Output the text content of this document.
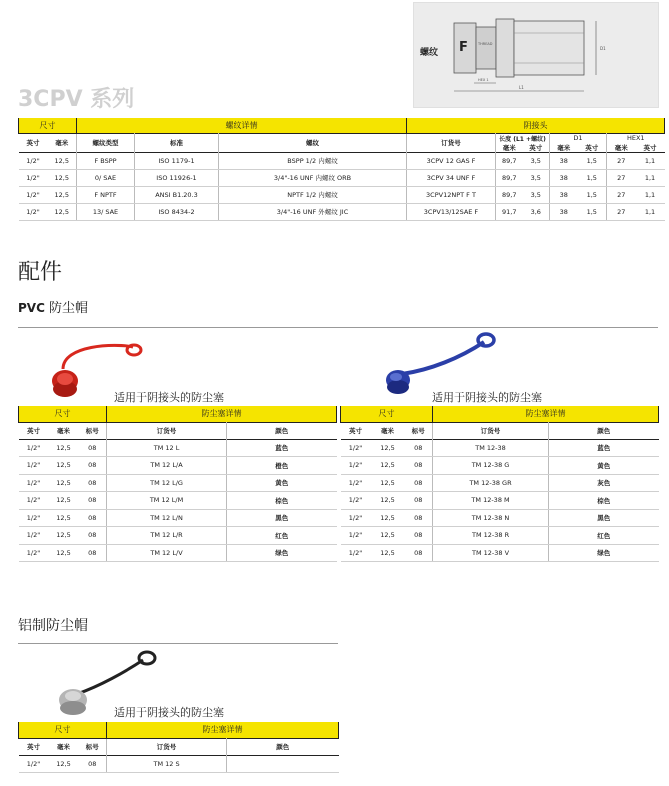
F	THREAD
D1
L1
HEX 1
螺纹
3CPV 系列
尺寸		螺纹详情			阴接头						
英寸	毫米	螺纹类型	标准	螺纹	订货号	长度 (L1 +螺纹)		D1		HEX1	
						毫米	英寸	毫米	英寸	毫米	英寸
1/2"	12,5	F BSPP	ISO 1179-1	BSPP 1/2 内螺纹	3CPV 12 GAS F	89,7	3,5	38	1,5	27	1,1
1/2"	12,5	0/ SAE	ISO 11926-1	3/4"-16 UNF 内螺纹 ORB	3CPV 34 UNF F	89,7	3,5	38	1,5	27	1,1
1/2"	12,5	F NPTF	ANSI B1.20.3	NPTF 1/2 内螺纹	3CPV12NPT F T	89,7	3,5	38	1,5	27	1,1
1/2"	12,5	13/ SAE	ISO 8434-2	3/4"-16 UNF 外螺纹 JIC	3CPV13/12SAE F	91,7	3,6	38	1,5	27	1,1
配件
PVC 防尘帽
适用于阴接头的防尘塞	适用于阴接头的防尘塞
尺寸			防尘塞详情	
英寸	毫米	标号	订货号	颜色
1/2"	12,5	08	TM 12 L	蓝色
1/2"	12,5	08	TM 12 L/A	橙色
1/2"	12,5	08	TM 12 L/G	黄色
1/2"	12,5	08	TM 12 L/M	棕色
1/2"	12,5	08	TM 12 L/N	黑色
1/2"	12,5	08	TM 12 L/R	红色
1/2"	12,5	08	TM 12 L/V	绿色
尺寸			防尘塞详情	
英寸	毫米	标号	订货号	颜色
1/2"	12,5	08	TM 12-38	蓝色
1/2"	12,5	08	TM 12-38 G	黄色
1/2"	12,5	08	TM 12-38 GR	灰色
1/2"	12,5	08	TM 12-38 M	棕色
1/2"	12,5	08	TM 12-38 N	黑色
1/2"	12,5	08	TM 12-38 R	红色
1/2"	12,5	08	TM 12-38 V	绿色
铝制防尘帽
适用于阴接头的防尘塞
尺寸			防尘塞详情	
英寸	毫米	标号	订货号	颜色
1/2"	12,5	08	TM 12 S	
